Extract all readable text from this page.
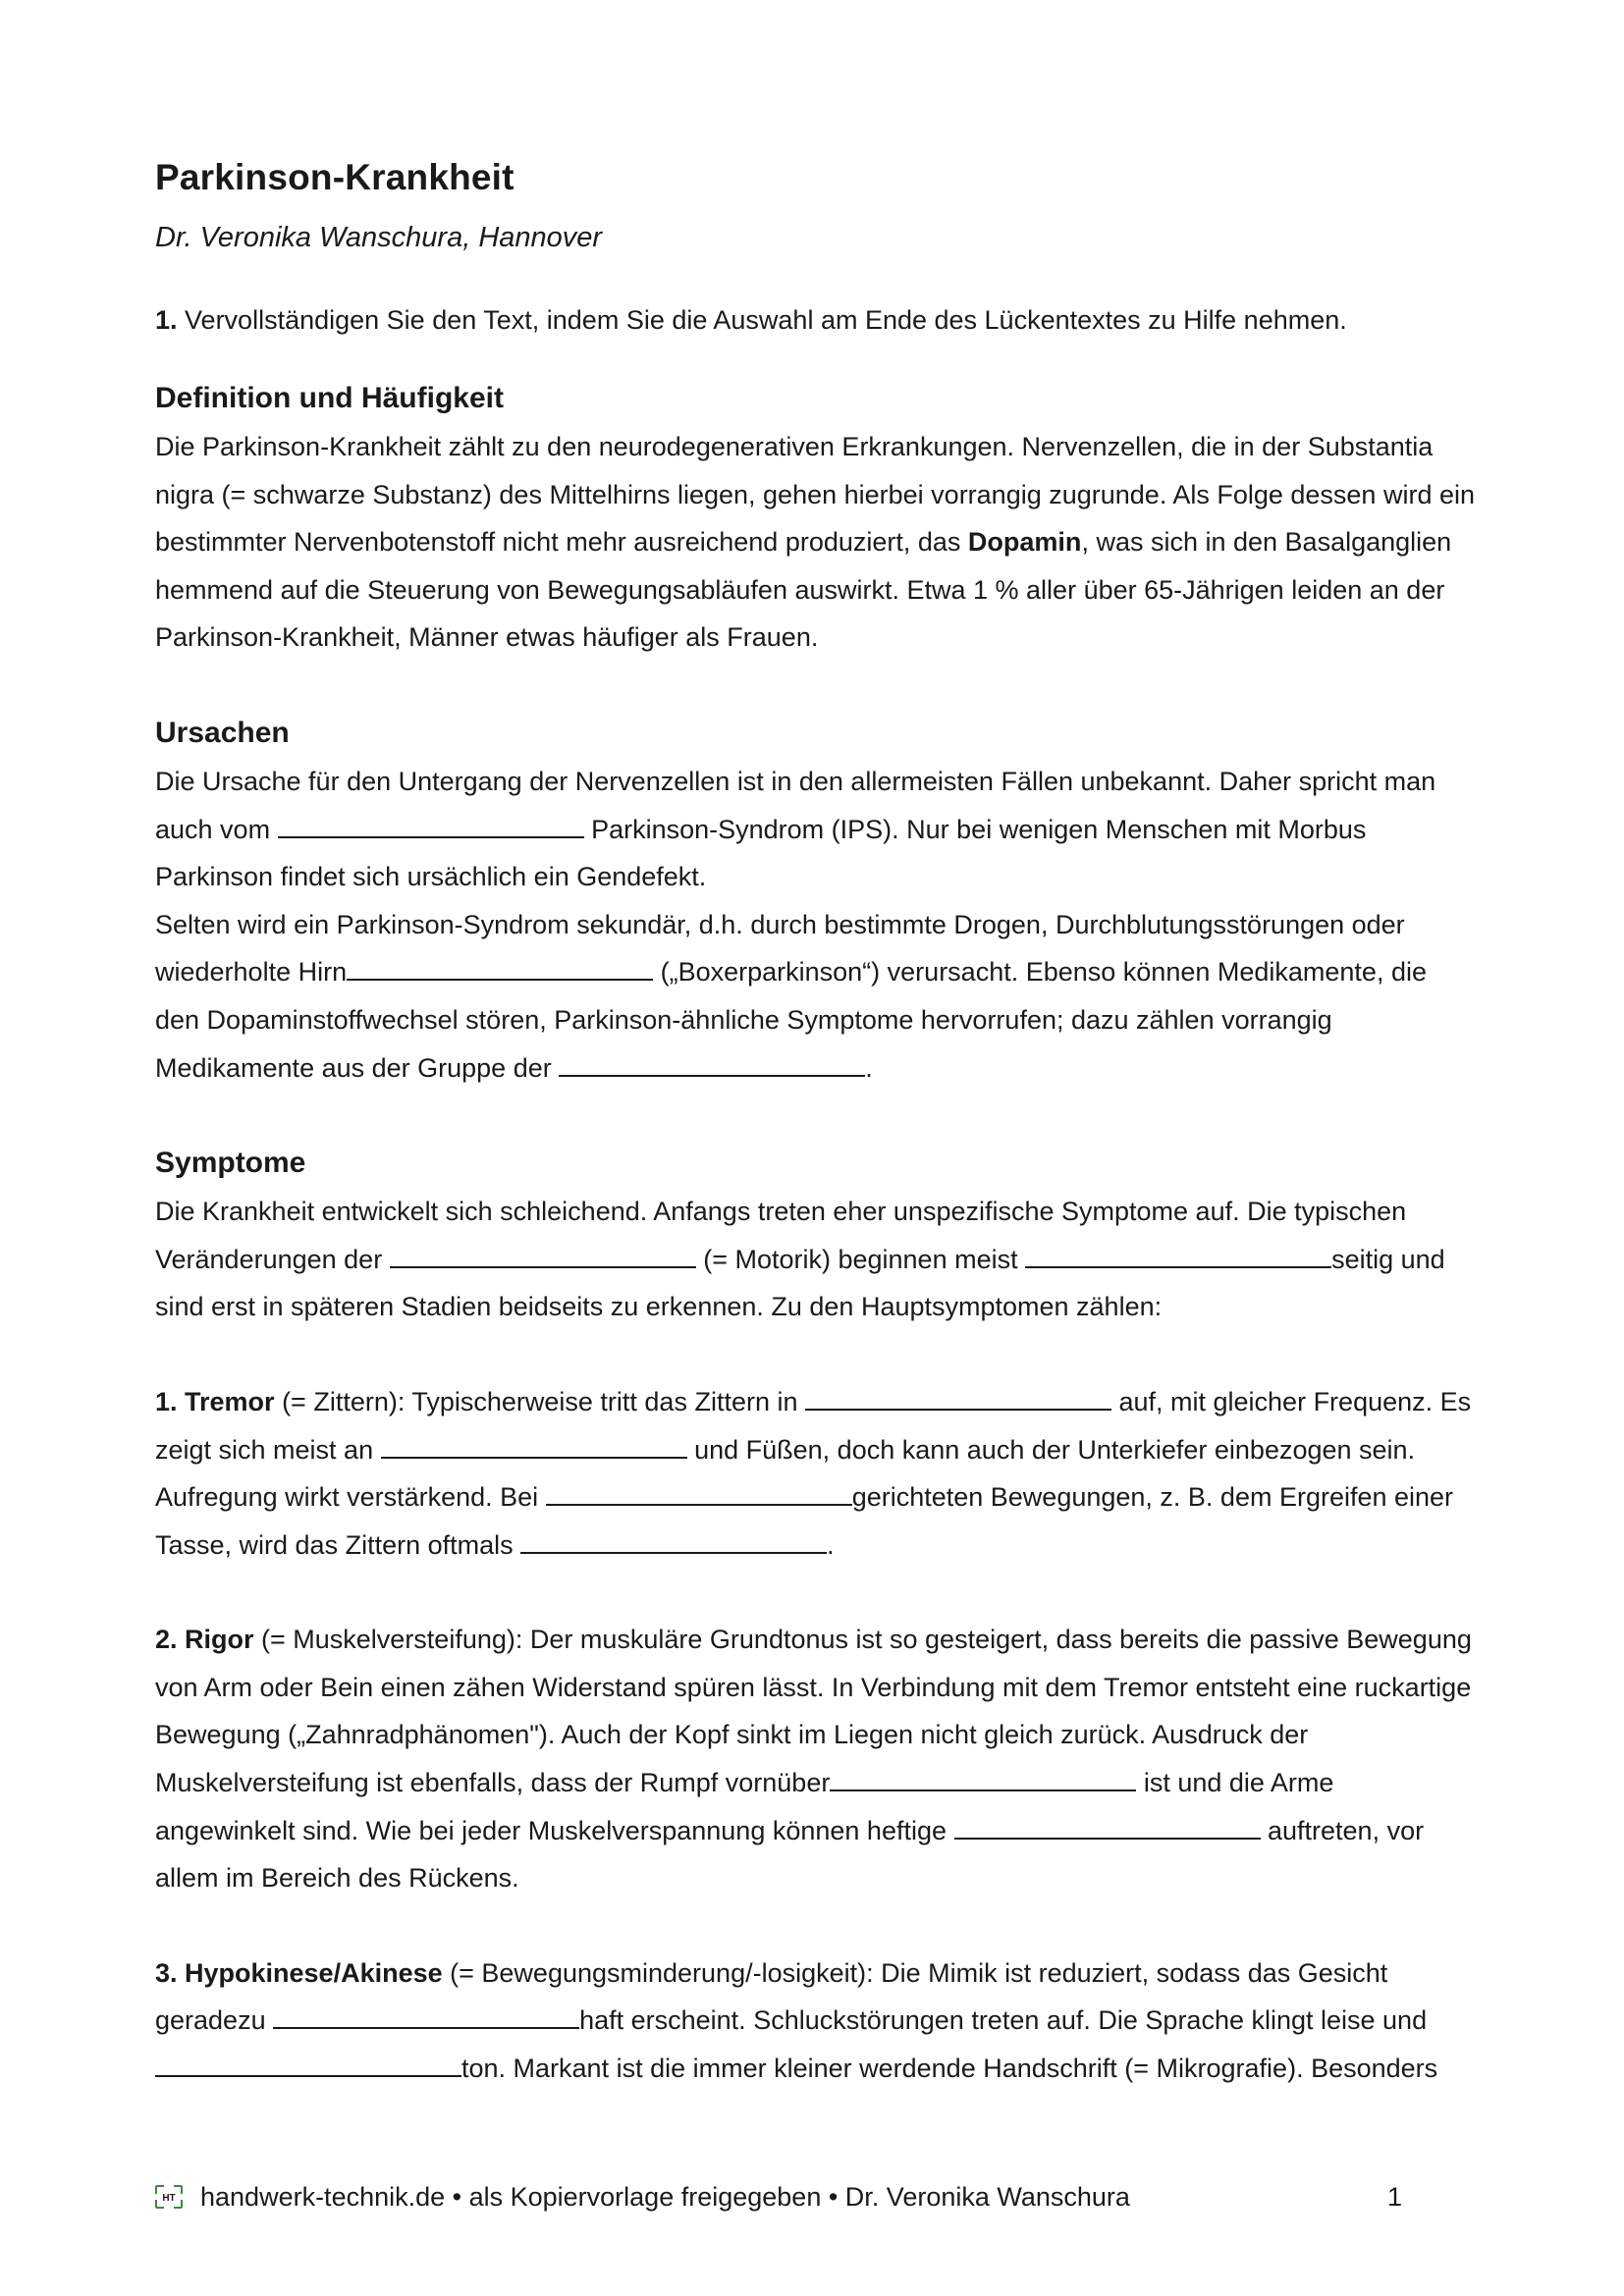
Parkinson-Krankheit
Dr. Veronika Wanschura, Hannover
1. Vervollständigen Sie den Text, indem Sie die Auswahl am Ende des Lückentextes zu Hilfe nehmen.
Definition und Häufigkeit

Die Parkinson-Krankheit zählt zu den neurodegenerativen Erkrankungen. Nervenzellen, die in der Substantia nigra (= schwarze Substanz) des Mittelhirns liegen, gehen hierbei vorrangig zugrunde. Als Folge dessen wird ein bestimmter Nervenbotenstoff nicht mehr ausreichend produziert, das Dopamin, was sich in den Basalganglien hemmend auf die Steuerung von Bewegungsabläufen auswirkt. Etwa 1 % aller über 65-Jährigen leiden an der Parkinson-Krankheit, Männer etwas häufiger als Frauen.

Ursachen

Die Ursache für den Untergang der Nervenzellen ist in den allermeisten Fällen unbekannt. Daher spricht man auch vom	Parkinson-Syndrom (IPS). Nur bei wenigen Menschen mit Morbus Parkinson findet sich ursächlich ein Gendefekt.
Selten wird ein Parkinson-Syndrom sekundär, d.h. durch bestimmte Drogen, Durchblutungsstörungen oder wiederholte Hirn	(„Boxerparkinson“) verursacht. Ebenso können Medikamente, die den Dopaminstoffwechsel stören, Parkinson-ähnliche Symptome hervorrufen; dazu zählen vorrangig Medikamente aus der Gruppe der	.

Symptome

Die Krankheit entwickelt sich schleichend. Anfangs treten eher unspezifische Symptome auf. Die typischen Veränderungen der	(= Motorik) beginnen meist	seitig und sind erst in späteren Stadien beidseits zu erkennen. Zu den Hauptsymptomen zählen:

1. Tremor (= Zittern): Typischerweise tritt das Zittern in	auf, mit gleicher Frequenz. Es zeigt sich meist an	und Füßen, doch kann auch der Unterkiefer einbezogen sein. Aufregung wirkt verstärkend. Bei	gerichteten Bewegungen, z. B. dem Ergreifen einer Tasse, wird das Zittern oftmals	.
2. Rigor (= Muskelversteifung): Der muskuläre Grundtonus ist so gesteigert, dass bereits die passive Bewegung von Arm oder Bein einen zähen Widerstand spüren lässt. In Verbindung mit dem Tremor entsteht eine ruckartige Bewegung („Zahnradphänomen"). Auch der Kopf sinkt im Liegen nicht gleich zurück. Ausdruck der Muskelversteifung ist ebenfalls, dass der Rumpf vornüber	ist und die Arme angewinkelt sind. Wie bei jeder Muskelverspannung können heftige	auftreten, vor allem im Bereich des Rückens.
3. Hypokinese/Akinese (= Bewegungsminderung/-losigkeit): Die Mimik ist reduziert, sodass das Gesicht geradezu	haft erscheint. Schluckstörungen treten auf. Die Sprache klingt leise und ton. Markant ist die immer kleiner werdende Handschrift (= Mikrografie). Besonders
HT handwerk-technik.de • als Kopiervorlage freigegeben • Dr. Veronika Wanschura	1
